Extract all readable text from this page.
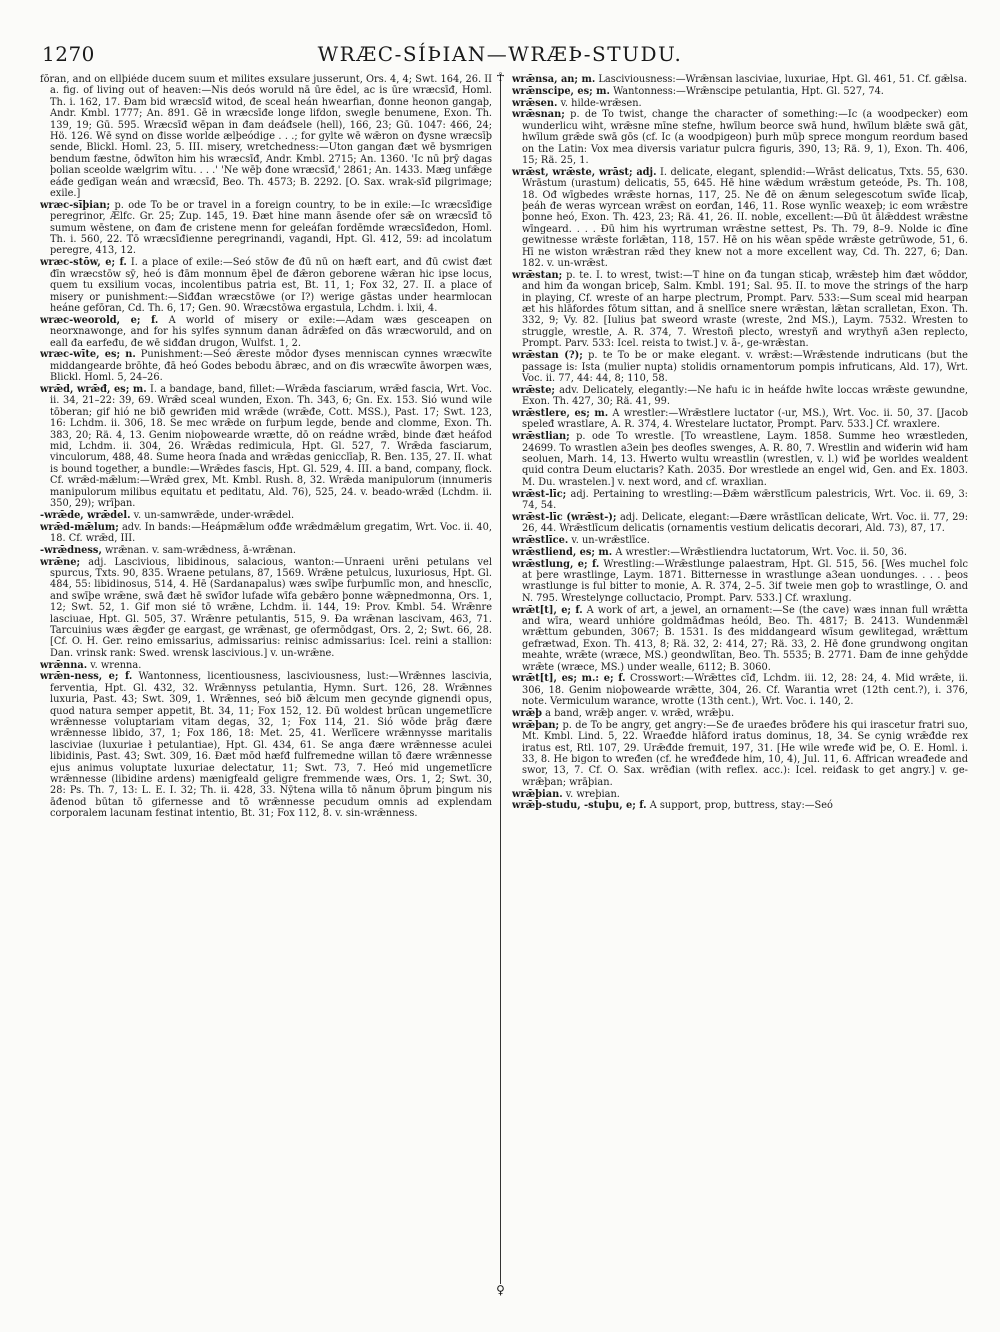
1270	WRÆC-SÍÞIAN—WRÆÞ-STUDU.
☥
♀

fŏran, and on ellþiéde ducem suum et milites exsulare jusserunt, Ors. 4, 4; Swt. 164, 26. II a. fig. of living out of heaven:—Nis deós woruld nā ūre ēdel, ac is ūre wræcsīđ, Homl. Th. i. 162, 17. Đam bid wræcsīđ witod, đe sceal heán hwearfian, đonne heonon gangaþ, Andr. Kmbl. 1777; An. 891. Gē in wræcsīđe longe lifdon, swegle benumene, Exon. Th. 139, 19; Gū. 595. Wræcsīđ wēpan in đam deáđsele (hell), 166, 23; Gū. 1047: 466, 24; Hö. 126. Wē synd on đisse worlde ælþeódige . . .; for gylte wē wǣron on đysne wræcsīþ sende, Blickl. Homl. 23, 5. III. misery, wretchedness:—Uton gangan đæt wē bysmrigen bendum fæstne, ōdwīton him his wræcsīđ, Andr. Kmbl. 2715; An. 1360. 'Ic nū þrȳ dagas þolian sceolde wælgrim wītu. . . .' 'Ne wēþ đone wræcsīđ,' 2861; An. 1433. Mæg unfǣge eáđe gedīgan weán and wræcsīđ, Beo. Th. 4573; B. 2292. [O. Sax. wrak-sīđ pilgrimage; exile.]

wræc-sīþian; p. ode To be or travel in a foreign country, to be in exile:—Ic wræcsīđige peregrinor, Ælfc. Gr. 25; Zup. 145, 19. Đæt hine mann āsende ofer sǣ on wræcsīđ tō sumum wēstene, on đam đe cristene menn for geleáfan fordēmde wræcsīđedon, Homl. Th. i. 560, 22. Tō wræcsīđienne peregrinandi, vagandi, Hpt. Gl. 412, 59: ad incolatum peregre, 413, 12.

wræc-stōw, e; f. I. a place of exile:—Seó stōw đe đū nū on hæft eart, and đū cwist đæt đīn wræcstōw sȳ, heó is đām monnum ēþel đe đǣron geborene wǣran hic ipse locus, quem tu exsilium vocas, incolentibus patria est, Bt. 11, 1; Fox 32, 27. II. a place of misery or punishment:—Siđđan wræcstōwe (or I?) werige gāstas under hearmlocan heáne gefōran, Cd. Th. 6, 17; Gen. 90. Wræcstōwa ergastula, Lchdm. i. lxii, 4.

wræc-weorold, e; f. A world of misery or exile:—Adam wæs gesceapen on neorxnawonge, and for his sylfes synnum danan ādrǣfed on đās wræcworuld, and on eall đa earfeđu, đe wē siđđan drugon, Wulfst. 1, 2.

wræc-wīte, es; n. Punishment:—Seó ǣreste mōdor đyses menniscan cynnes wræcwīte middangearde brōhte, đā heó Godes bebodu ābræc, and on đis wræcwīte āworpen wæs, Blickl. Homl. 5, 24–26.

wrǣd, wrǣđ, es; m. I. a bandage, band, fillet:—Wrǣda fasciarum, wrǣd fascia, Wrt. Voc. ii. 34, 21–22: 39, 69. Wrǣd sceal wunden, Exon. Th. 343, 6; Gn. Ex. 153. Sió wund wile tōberan; gif hió ne bið gewriđen mid wrǣde (wrǣđe, Cott. MSS.), Past. 17; Swt. 123, 16: Lchdm. ii. 306, 18. Se mec wrǣde on furþum legde, bende and clomme, Exon. Th. 383, 20; Rä. 4, 13. Genim nioþowearde wrætte, dō on reádne wrǣd, binde đæt heáfod mid, Lchdm. ii. 304, 26. Wrǣdas redimicula, Hpt. Gl. 527, 7. Wrǣda fasciarum, vinculorum, 488, 48. Sume heora ſnada and wrǣdas genicclīaþ, R. Ben. 135, 27. II. what is bound together, a bundle:—Wrǣdes fascis, Hpt. Gl. 529, 4. III. a band, company, flock. Cf. wrǣd-mǣlum:—Wrǣd grex, Mt. Kmbl. Rush. 8, 32. Wrǣda manipulorum (innumeris manipulorum milibus equitatu et peditatu, Ald. 76), 525, 24. v. beado-wrǣd (Lchdm. ii. 350, 29); wrīþan.

-wrǣde, wrǣdel. v. un-samwrǣde, under-wrǣdel.

wrǣd-mǣlum; adv. In bands:—Heápmǣlum ođđe wrǣdmǣlum gregatim, Wrt. Voc. ii. 40, 18. Cf. wrǣd, III.

-wrǣdness, wrǣnan. v. sam-wrǣdness, ā-wrǣnan.

wrǣne; adj. Lascivious, libidinous, salacious, wanton:—Unraeni urēni petulans vel spurcus, Txts. 90, 835. Wraene petulans, 87, 1569. Wrǣne petulcus, luxuriosus, Hpt. Gl. 484, 55: libidinosus, 514, 4. Hē (Sardanapalus) wæs swīþe furþumlīc mon, and hnesclīc, and swīþe wrǣne, swā đæt hē swīđor lufade wīfa gebǣro þonne wǣpnedmonna, Ors. 1, 12; Swt. 52, 1. Gif mon sié tō wrǣne, Lchdm. ii. 144, 19: Prov. Kmbl. 54. Wrǣnre lasciuae, Hpt. Gl. 505, 37. Wrǣnre petulantis, 515, 9. Đa wrǣnan lascivam, 463, 71. Tarcuinius wæs ǣgđer ge eargast, ge wrǣnast, ge ofermōdgast, Ors. 2, 2; Swt. 66, 28. [Cf. O. H. Ger. reino emissarius, admissarius: reinisc admissarius: Icel. reini a stallion: Dan. vrinsk rank: Swed. wrensk lascivious.] v. un-wrǣne.

wrǣnna. v. wrenna.

wrǣn-ness, e; f. Wantonness, licentiousness, lasciviousness, lust:—Wrǣnnes lascivia, ferventia, Hpt. Gl. 432, 32. Wrǣnnyss petulantia, Hymn. Surt. 126, 28. Wrǣnnes luxuria, Past. 43; Swt. 309, 1. Wrǣnnes, seó bið ǣlcum men gecynde gignendi opus, quod natura semper appetit, Bt. 34, 11; Fox 152, 12. Đū woldest brūcan ungemetlīcre wrǣnnesse voluptariam vitam degas, 32, 1; Fox 114, 21. Sió wōde þrāg đære wrǣnnesse libido, 37, 1; Fox 186, 18: Met. 25, 41. Werlīcere wrǣnnysse maritalis lasciviae (luxuriae ł petulantiae), Hpt. Gl. 434, 61. Se anga đære wrǣnnesse aculei libidinis, Past. 43; Swt. 309, 16. Đæt mōd hæfđ fulfremedne willan tō đære wrǣnnesse ejus animus voluptate luxuriae delectatur, 11; Swt. 73, 7. Heó mid ungemetlīcre wrǣnnesse (libidine ardens) mænigfeald geligre fremmende wæs, Ors. 1, 2; Swt. 30, 28: Ps. Th. 7, 13: L. E. I. 32; Th. ii. 428, 33. Nȳtena willa tō nānum ōþrum þingum nis āđenod būtan tō gifernesse and tō wrǣnnesse pecudum omnis ad explendam corporalem lacunam festinat intentio, Bt. 31; Fox 112, 8. v. sin-wrǣnness.

wrǣnsa, an; m. Lasciviousness:—Wrǣnsan lasciviae, luxuriae, Hpt. Gl. 461, 51. Cf. gǣlsa.

wrǣnscipe, es; m. Wantonness:—Wrǣnscipe petulantia, Hpt. Gl. 527, 74.

wrǣsen. v. hilde-wrǣsen.

wrǣsnan; p. de To twist, change the character of something:—Ic (a woodpecker) eom wunderlicu wiht, wrǣsne mīne stefne, hwīlum beorce swā hund, hwīlum blǣte swā gāt, hwīlum grǣde swā gōs (cf. Ic (a woodpigeon) þurh mūþ sprece mongum reordum based on the Latin: Vox mea diversis variatur pulcra figuris, 390, 13; Rä. 9, 1), Exon. Th. 406, 15; Rä. 25, 1.

wrǣst, wrǣste, wrāst; adj. I. delicate, elegant, splendid:—Wrāst delicatus, Txts. 55, 630. Wrāstum (urastum) delicatis, 55, 645. Hē hine wǣdum wrǣstum geteóde, Ps. Th. 108, 18. Ođ wīgbedes wrǣste hornas, 117, 25. Ne đē on ǣnum selegescotum swīđe līcaþ, þeáh đe weras wyrcean wrǣst on eorđan, 146, 11. Rose wynlīc weaxeþ; ic eom wrǣstre þonne heó, Exon. Th. 423, 23; Rä. 41, 26. II. noble, excellent:—Đū ūt ālǣddest wrǣstne wīngeard. . . . Đū him his wyrtruman wrǣstne settest, Ps. Th. 79, 8–9. Nolde ic đīne gewitnesse wrǣste forlǣtan, 118, 157. Hē on his wēan spēde wrǣste getrūwode, 51, 6. Hī ne wiston wrǣstran rǣd they knew not a more excellent way, Cd. Th. 227, 6; Dan. 182. v. un-wrǣst.

wrǣstan; p. te. I. to wrest, twist:—T hine on đa tungan sticaþ, wrǣsteþ him đæt wōddor, and him đa wongan briceþ, Salm. Kmbl. 191; Sal. 95. II. to move the strings of the harp in playing, Cf. wreste of an harpe plectrum, Prompt. Parv. 533:—Sum sceal mid hearpan æt his hlāfordes fōtum sittan, and ā snellīce snere wrǣstan, lǣtan scralletan, Exon. Th. 332, 9; Vy. 82. [Iulius þat sweord wraste (wreste, 2nd MS.), Laym. 7532. Wresten to struggle, wrestle, A. R. 374, 7. Wrestoñ plecto, wrestyñ and wrythyñ a3en replecto, Prompt. Parv. 533: Icel. reista to twist.] v. ā-, ge-wrǣstan.

wrǣstan (?); p. te To be or make elegant. v. wrǣst:—Wrǣstende indruticans (but the passage is: Ista (mulier nupta) stolidis ornamentorum pompis infruticans, Ald. 17), Wrt. Voc. ii. 77, 44: 44, 8; 110, 58.

wrǣste; adv. Delicately, elegantly:—Ne hafu ic in heáfde hwīte loccas wrǣste gewundne, Exon. Th. 427, 30; Rä. 41, 99.

wrǣstlere, es; m. A wrestler:—Wrǣstlere luctator (-ur, MS.), Wrt. Voc. ii. 50, 37. [Jacob speleđ wrastlare, A. R. 374, 4. Wrestelare luctator, Prompt. Parv. 533.] Cf. wraxlere.

wrǣstlian; p. ode To wrestle. [To wreastlene, Laym. 1858. Summe heo wræstleden, 24699. To wrastlen a3ein þes deofles swenges, A. R. 80, 7. Wrestlin and wiđerin wiđ ham seoluen, Marh. 14, 13. Hwerto wultu wreastlin (wrestlen, v. l.) wiđ þe worldes wealdent quid contra Deum eluctaris? Kath. 2035. Đor wrestlede an engel wid, Gen. and Ex. 1803. M. Du. wrastelen.] v. next word, and cf. wraxlian.

wrǣst-līc; adj. Pertaining to wrestling:—Đǣm wǣrstlīcum palestricis, Wrt. Voc. ii. 69, 3: 74, 54.

wrǣst-līc (wrǣst-); adj. Delicate, elegant:—Đære wrāstlīcan delicate, Wrt. Voc. ii. 77, 29: 26, 44. Wrǣstlīcum delicatis (ornamentis vestium delicatis decorari, Ald. 73), 87, 17.

wrǣstlīce. v. un-wrǣstlīce.

wrǣstliend, es; m. A wrestler:—Wrǣstliendra luctatorum, Wrt. Voc. ii. 50, 36.

wrǣstlung, e; f. Wrestling:—Wrǣstlunge palaestram, Hpt. Gl. 515, 56. [Wes muchel folc at þere wrastlinge, Laym. 1871. Bitternesse in wrastlunge a3ean uondunges. . . . þeos wrastlunge is ful bitter to monie, A. R. 374, 2–5. 3if tweie men goþ to wrastlinge, O. and N. 795. Wrestelynge colluctacio, Prompt. Parv. 533.] Cf. wraxlung.

wrǣt[t], e; f. A work of art, a jewel, an ornament:—Se (the cave) wæs innan full wrǣtta and wīra, weard unhióre goldmāđmas heóld, Beo. Th. 4817; B. 2413. Wundenmǣl wrǣttum gebunden, 3067; B. 1531. Is đes middangeard wīsum gewlitegad, wrǣttum gefrætwad, Exon. Th. 413, 8; Rä. 32, 2: 414, 27; Rä. 33, 2. Hē đone grundwong ongitan meahte, wrǣte (wræce, MS.) geondwlītan, Beo. Th. 5535; B. 2771. Đam đe inne gehȳdde wrǣte (wræce, MS.) under wealle, 6112; B. 3060.

wrǣt[t], es; m.: e; f. Crosswort:—Wrǣttes cīđ, Lchdm. iii. 12, 28: 24, 4. Mid wrǣte, ii. 306, 18. Genim nioþowearde wrǣtte, 304, 26. Cf. Warantia wret (12th cent.?), i. 376, note. Vermiculum warance, wrotte (13th cent.), Wrt. Voc. i. 140, 2.

wrǣþ a band, wrǣþ anger. v. wrǣd, wrǣþu.

wrǣþan; p. de To be angry, get angry:—Se đe uraeđes brōđere his qui irascetur fratri suo, Mt. Kmbl. Lind. 5, 22. Wraeđde hlāford iratus dominus, 18, 34. Se cynig wrǣđde rex iratus est, Rtl. 107, 29. Urǣđde fremuit, 197, 31. [He wile wređe wiđ þe, O. E. Homl. i. 33, 8. He bigon to wređen (cf. he wređđede him, 10, 4), Jul. 11, 6. Affrican wreađede and swor, 13, 7. Cf. O. Sax. wrēđian (with reflex. acc.): Icel. reiđask to get angry.] v. ge-wrǣþan; wrāþian.

wrǣþian. v. wreþian.

wrǣþ-studu, -stuþu, e; f. A support, prop, buttress, stay:—Seó
